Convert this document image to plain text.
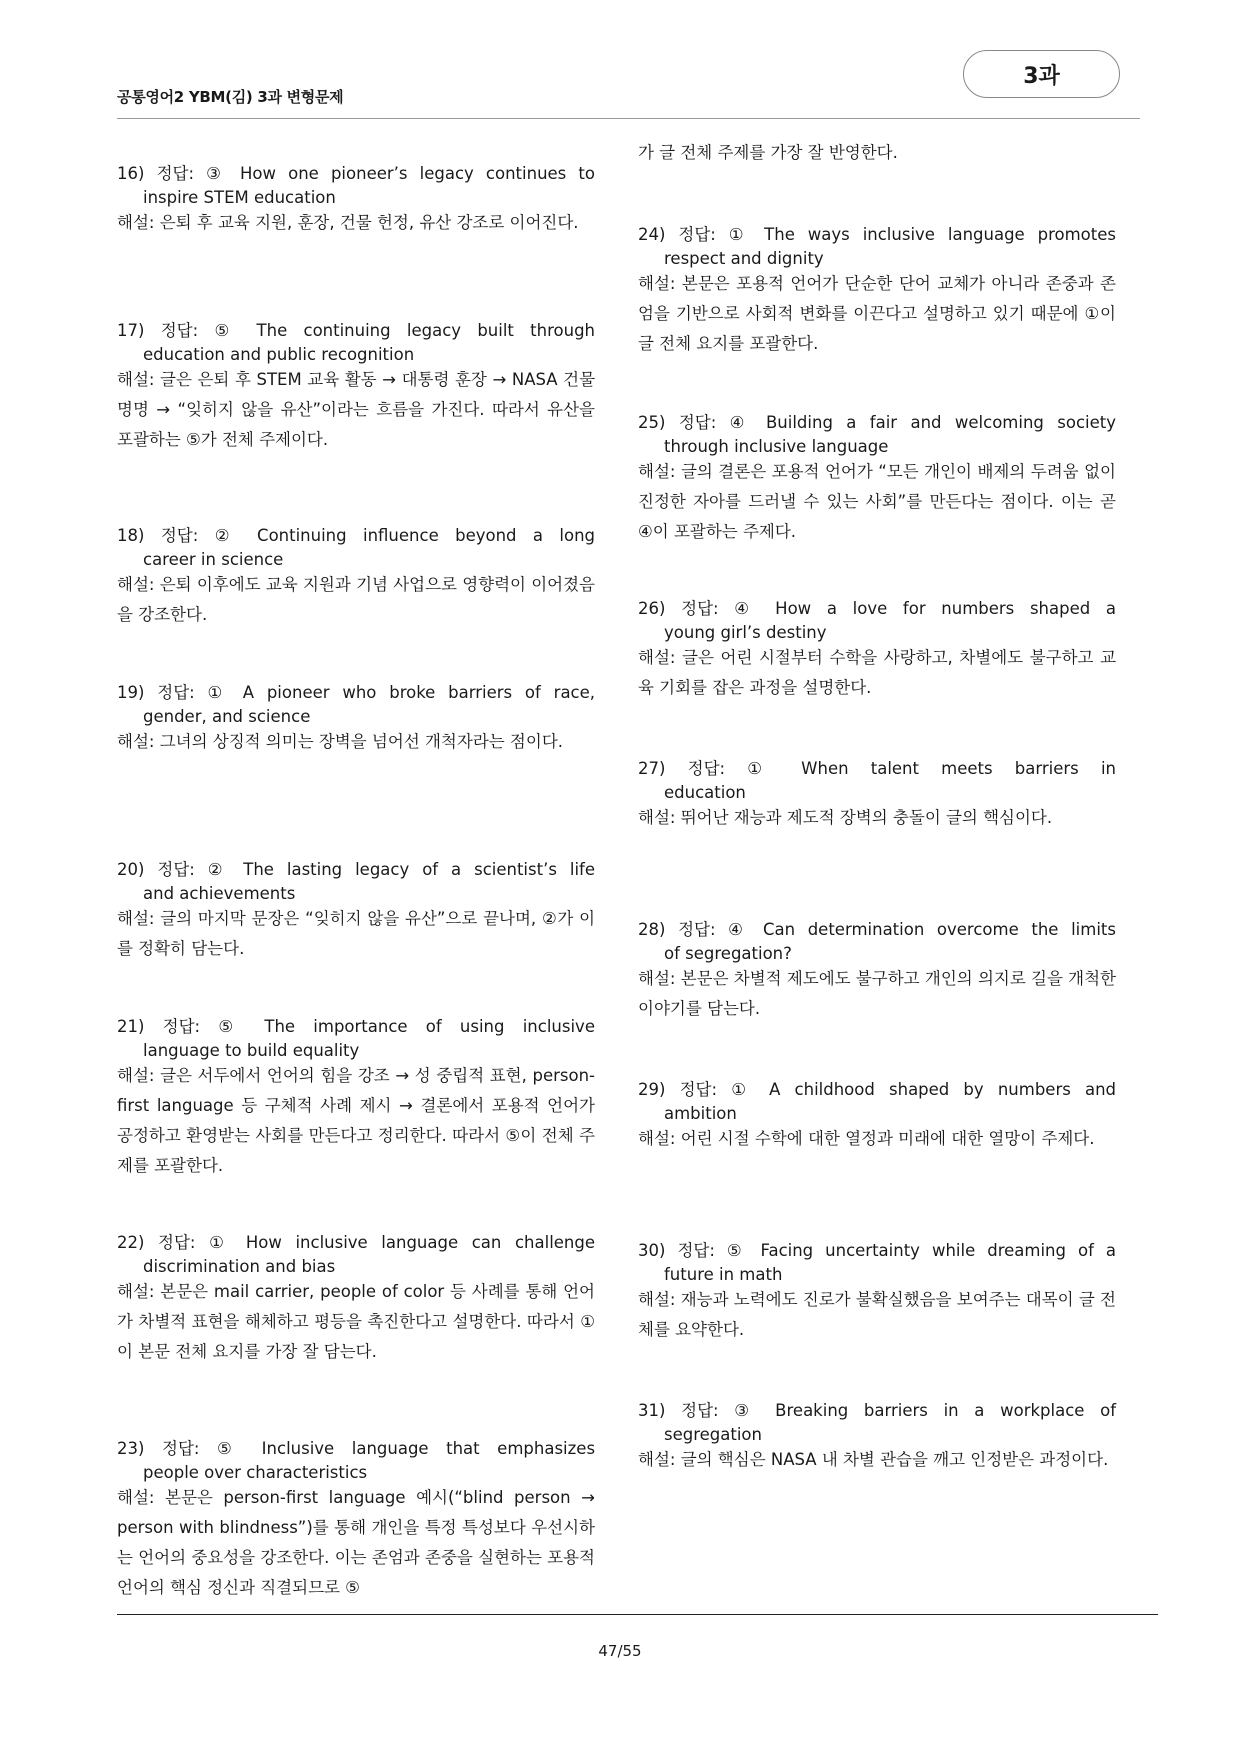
공통영어2 YBM(김) 3과 변형문제
3과
16) 정답: ③ How one pioneer’s legacy continues to
inspire STEM education
해설: 은퇴 후 교육 지원, 훈장, 건물 헌정, 유산 강조로 이어진다.
17) 정답: ⑤ The continuing legacy built through
education and public recognition
해설: 글은 은퇴 후 STEM 교육 활동 → 대통령 훈장 → NASA 건물 명명 → “잊히지 않을 유산”이라는 흐름을 가진다. 따라서 유산을 포괄하는 ⑤가 전체 주제이다.
18) 정답: ② Continuing influence beyond a long
career in science
해설: 은퇴 이후에도 교육 지원과 기념 사업으로 영향력이 이어졌음을 강조한다.
19) 정답: ① A pioneer who broke barriers of race,
gender, and science
해설: 그녀의 상징적 의미는 장벽을 넘어선 개척자라는 점이다.
20) 정답: ② The lasting legacy of a scientist’s life
and achievements
해설: 글의 마지막 문장은 “잊히지 않을 유산”으로 끝나며, ②가 이를 정확히 담는다.
21) 정답: ⑤ The importance of using inclusive
language to build equality
해설: 글은 서두에서 언어의 힘을 강조 → 성 중립적 표현, person-first language 등 구체적 사례 제시 → 결론에서 포용적 언어가 공정하고 환영받는 사회를 만든다고 정리한다. 따라서 ⑤이 전체 주제를 포괄한다.
22) 정답: ① How inclusive language can challenge
discrimination and bias
해설: 본문은 mail carrier, people of color 등 사례를 통해 언어가 차별적 표현을 해체하고 평등을 촉진한다고 설명한다. 따라서 ①이 본문 전체 요지를 가장 잘 담는다.
23) 정답: ⑤ Inclusive language that emphasizes
people over characteristics
해설: 본문은 person-first language 예시(“blind person → person with blindness”)를 통해 개인을 특정 특성보다 우선시하는 언어의 중요성을 강조한다. 이는 존엄과 존중을 실현하는 포용적 언어의 핵심 정신과 직결되므로 ⑤
가 글 전체 주제를 가장 잘 반영한다.
24) 정답: ① The ways inclusive language promotes
respect and dignity
해설: 본문은 포용적 언어가 단순한 단어 교체가 아니라 존중과 존엄을 기반으로 사회적 변화를 이끈다고 설명하고 있기 때문에 ①이 글 전체 요지를 포괄한다.
25) 정답: ④ Building a fair and welcoming society
through inclusive language
해설: 글의 결론은 포용적 언어가 “모든 개인이 배제의 두려움 없이 진정한 자아를 드러낼 수 있는 사회”를 만든다는 점이다. 이는 곧 ④이 포괄하는 주제다.
26) 정답: ④ How a love for numbers shaped a
young girl’s destiny
해설: 글은 어린 시절부터 수학을 사랑하고, 차별에도 불구하고 교육 기회를 잡은 과정을 설명한다.
27) 정답: ① When talent meets barriers in
education
해설: 뛰어난 재능과 제도적 장벽의 충돌이 글의 핵심이다.
28) 정답: ④ Can determination overcome the limits
of segregation?
해설: 본문은 차별적 제도에도 불구하고 개인의 의지로 길을 개척한 이야기를 담는다.
29) 정답: ① A childhood shaped by numbers and
ambition
해설: 어린 시절 수학에 대한 열정과 미래에 대한 열망이 주제다.
30) 정답: ⑤ Facing uncertainty while dreaming of a
future in math
해설: 재능과 노력에도 진로가 불확실했음을 보여주는 대목이 글 전체를 요약한다.
31) 정답: ③ Breaking barriers in a workplace of
segregation
해설: 글의 핵심은 NASA 내 차별 관습을 깨고 인정받은 과정이다.
47/55
